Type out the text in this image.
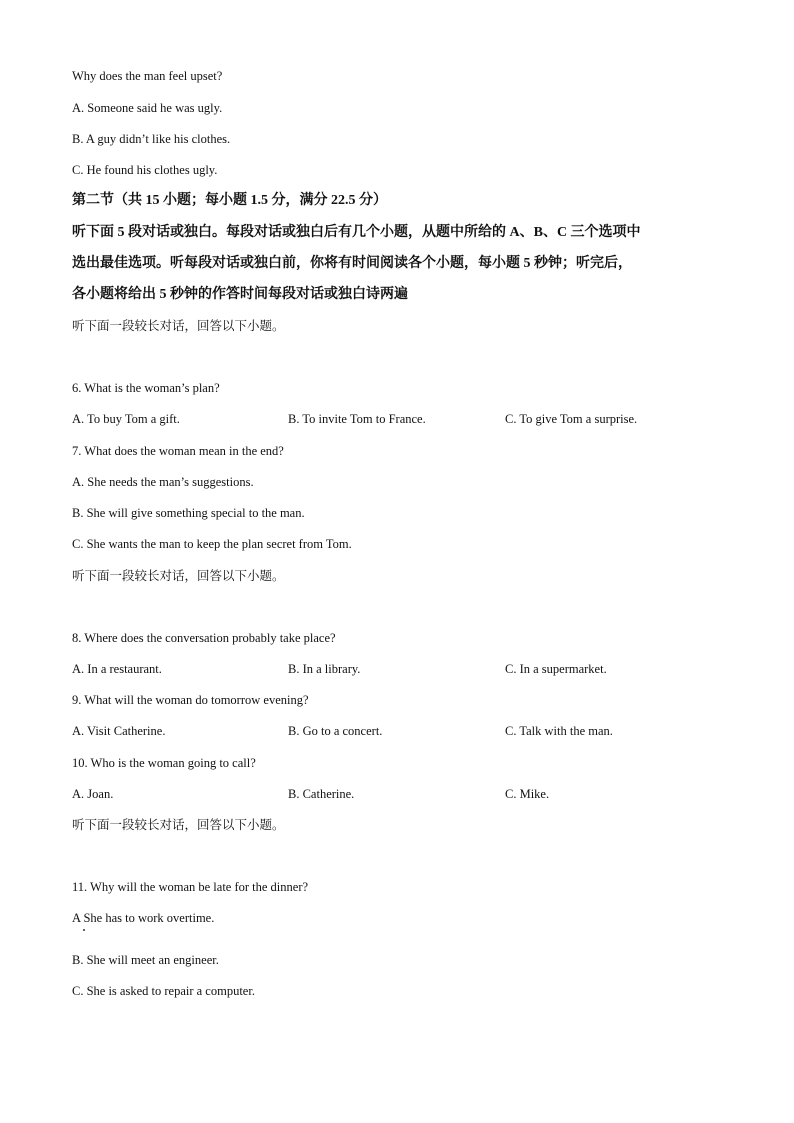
Why does the man feel upset?
A. Someone said he was ugly.
B. A guy didn’t like his clothes.
C. He found his clothes ugly.
第二节（共 15 小题；每小题 1.5 分，满分 22.5 分）
听下面 5 段对话或独白。每段对话或独白后有几个小题，从题中所给的 A、B、C 三个选项中
选出最佳选项。听每段对话或独白前，你将有时间阅读各个小题，每小题 5 秒钟；听完后，
各小题将给出 5 秒钟的作答时间每段对话或独白诗两遍
听下面一段较长对话，回答以下小题。
6. What is the woman’s plan?
A. To buy Tom a gift.	B. To invite Tom to France.	C. To give Tom a surprise.
7. What does the woman mean in the end?
A. She needs the man’s suggestions.
B. She will give something special to the man.
C. She wants the man to keep the plan secret from Tom.
听下面一段较长对话，回答以下小题。
8. Where does the conversation probably take place?
A. In a restaurant.	B. In a library.	C. In a supermarket.
9. What will the woman do tomorrow evening?
A. Visit Catherine.	B. Go to a concert.	C. Talk with the man.
10. Who is the woman going to call?
A. Joan.	B. Catherine.	C. Mike.
听下面一段较长对话，回答以下小题。
11. Why will the woman be late for the dinner?
A She has to work overtime.
B. She will meet an engineer.
C. She is asked to repair a computer.
